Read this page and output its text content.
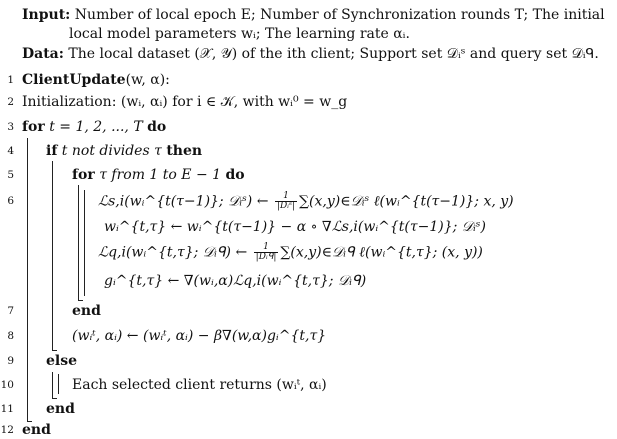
Input: Number of local epoch E; Number of Synchronization rounds T; The initial
local model parameters wᵢ; The learning rate αᵢ.
Data: The local dataset (𝒳, 𝒴) of the ith client; Support set 𝒟ᵢˢ and query set 𝒟ᵢᑫ.
1 ClientUpdate(w, α):
2 Initialization: (wᵢ, αᵢ) for i ∈ 𝒦, with wᵢ⁰ = w_g
3 for t = 1, 2, ..., T do
4 if t not divides τ then
5	for τ from 1 to E − 1 do
6	ℒs,i(wᵢ^{t(τ−1)}; 𝒟ᵢˢ) ← $\frac{1}{\text{|Dᵢˢ|}}$ ∑(x,y)∈𝒟ᵢˢ ℓ(wᵢ^{t(τ−1)}; x, y)
wᵢ^{t,τ} ← wᵢ^{t(τ−1)} − α ∘ ∇ℒs,i(wᵢ^{t(τ−1)}; 𝒟ᵢˢ)
ℒq,i(wᵢ^{t,τ}; 𝒟ᵢᑫ) ← $\frac{1}{\text{|Dᵢᑫ|}}$ ∑(x,y)∈𝒟ᵢᑫ ℓ(wᵢ^{t,τ}; (x, y))
gᵢ^{t,τ} ← ∇(wᵢ,α)ℒq,i(wᵢ^{t,τ}; 𝒟ᵢᑫ)
7	end
8	(wᵢᵗ, αᵢ) ← (wᵢᵗ, αᵢ) − β∇(w,α)gᵢ^{t,τ}
9 else
10	Each selected client returns (wᵢᵗ, αᵢ)
11 end
12 end
